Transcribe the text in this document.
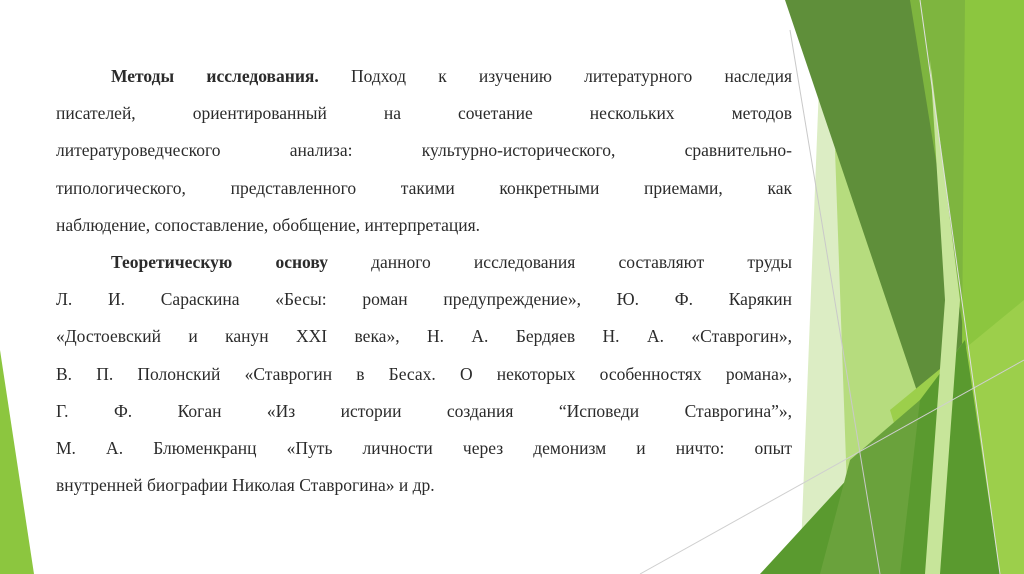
Методы исследования. Подход к изучению литературного наследия
писателей, ориентированный на сочетание нескольких методов
литературоведческого анализа: культурно-исторического, сравнительно-
типологического, представленного такими конкретными приемами, как
наблюдение, сопоставление, обобщение, интерпретация.
Теоретическую основу данного исследования составляют труды
Л. И. Сараскина «Бесы: роман предупреждение», Ю. Ф. Карякин
«Достоевский и канун XXI века», Н. А. Бердяев Н. А. «Ставрогин»,
В. П. Полонский «Ставрогин в Бесах. О некоторых особенностях романа»,
Г. Ф. Коган «Из истории создания “Исповеди Ставрогина”»,
М. А. Блюменкранц «Путь личности через демонизм и ничто: опыт
внутренней биографии Николая Ставрогина» и др.
